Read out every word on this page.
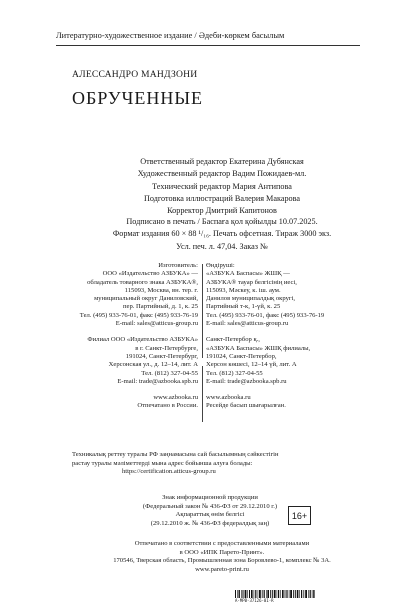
Литературно-художественное издание / Әдеби-көркем басылым
АЛЕССАНДРО МАНДЗОНИ
ОБРУЧЕННЫЕ
Ответственный редактор Екатерина Дубянская
Художественный редактор Вадим Пожидаев-мл.
Технический редактор Мария Антипова
Подготовка иллюстраций Валерия Макарова
Корректор Дмитрий Капитонов
Подписано в печать / Баспаға қол қойылды 10.07.2025.
Формат издания 60 × 88 ¹/₁₆. Печать офсетная. Тираж 3000 экз.
Усл. печ. л. 47,04. Заказ №
Изготовитель:
ООО «Издательство АЗБУКА» —
обладатель товарного знака АЗБУКА®,
115093, Москва, вн. тер. г.
муниципальный округ Даниловский,
пер. Партийный, д. 1, к. 25
Тел. (495) 933-76-01, факс (495) 933-76-19
E-mail: sales@atticus-group.ru
Филиал ООО «Издательство АЗБУКА»
в г. Санкт-Петербурге,
191024, Санкт-Петербург,
Херсонская ул., д. 12–14, лит. А
Тел. (812) 327-04-55
E-mail: trade@azbooka.spb.ru
www.azbooka.ru
Отпечатано в России.
Өндіруші:
«АЗБУКА Баспасы» ЖШҚ —
АЗБУКА® тауар белгісінің иесі,
115093, Мәскеу, к. іш. аум.
Данилов муниципалдық округі,
Партийный т-к, 1-үй, к. 25
Тел. (495) 933-76-01, факс (495) 933-76-19
E-mail: sales@atticus-group.ru
Санкт-Петербор қ.,
«АЗБУКА Баспасы» ЖШҚ филиалы,
191024, Санкт-Петербор,
Херсон көшесі, 12–14 үй, лит. А
Тел. (812) 327-04-55
E-mail: trade@azbooka.spb.ru
www.azbooka.ru
Ресейде басып шығарылған.
Техникалық реттеу туралы РФ заңнамасына сай басылымның сәйкестігін
растау туралы мәліметтерді мына адрес бойынша алуға болады:
https://certification.atticus-group.ru
Знак информационной продукции
(Федеральный закон № 436-ФЗ от 29.12.2010 г.)
Ақпараттық өнім белгісі
(29.12.2010 ж. № 436-ФЗ федералдық заң)
16+
Отпечатано в соответствии с предоставленными материалами
в ООО «ИПК Парето-Принт».
170546, Тверская область, Промышленная зона Боровлево-1, комплекс № 3А.
www.pareto-print.ru
A-MPB-37126-01-R
